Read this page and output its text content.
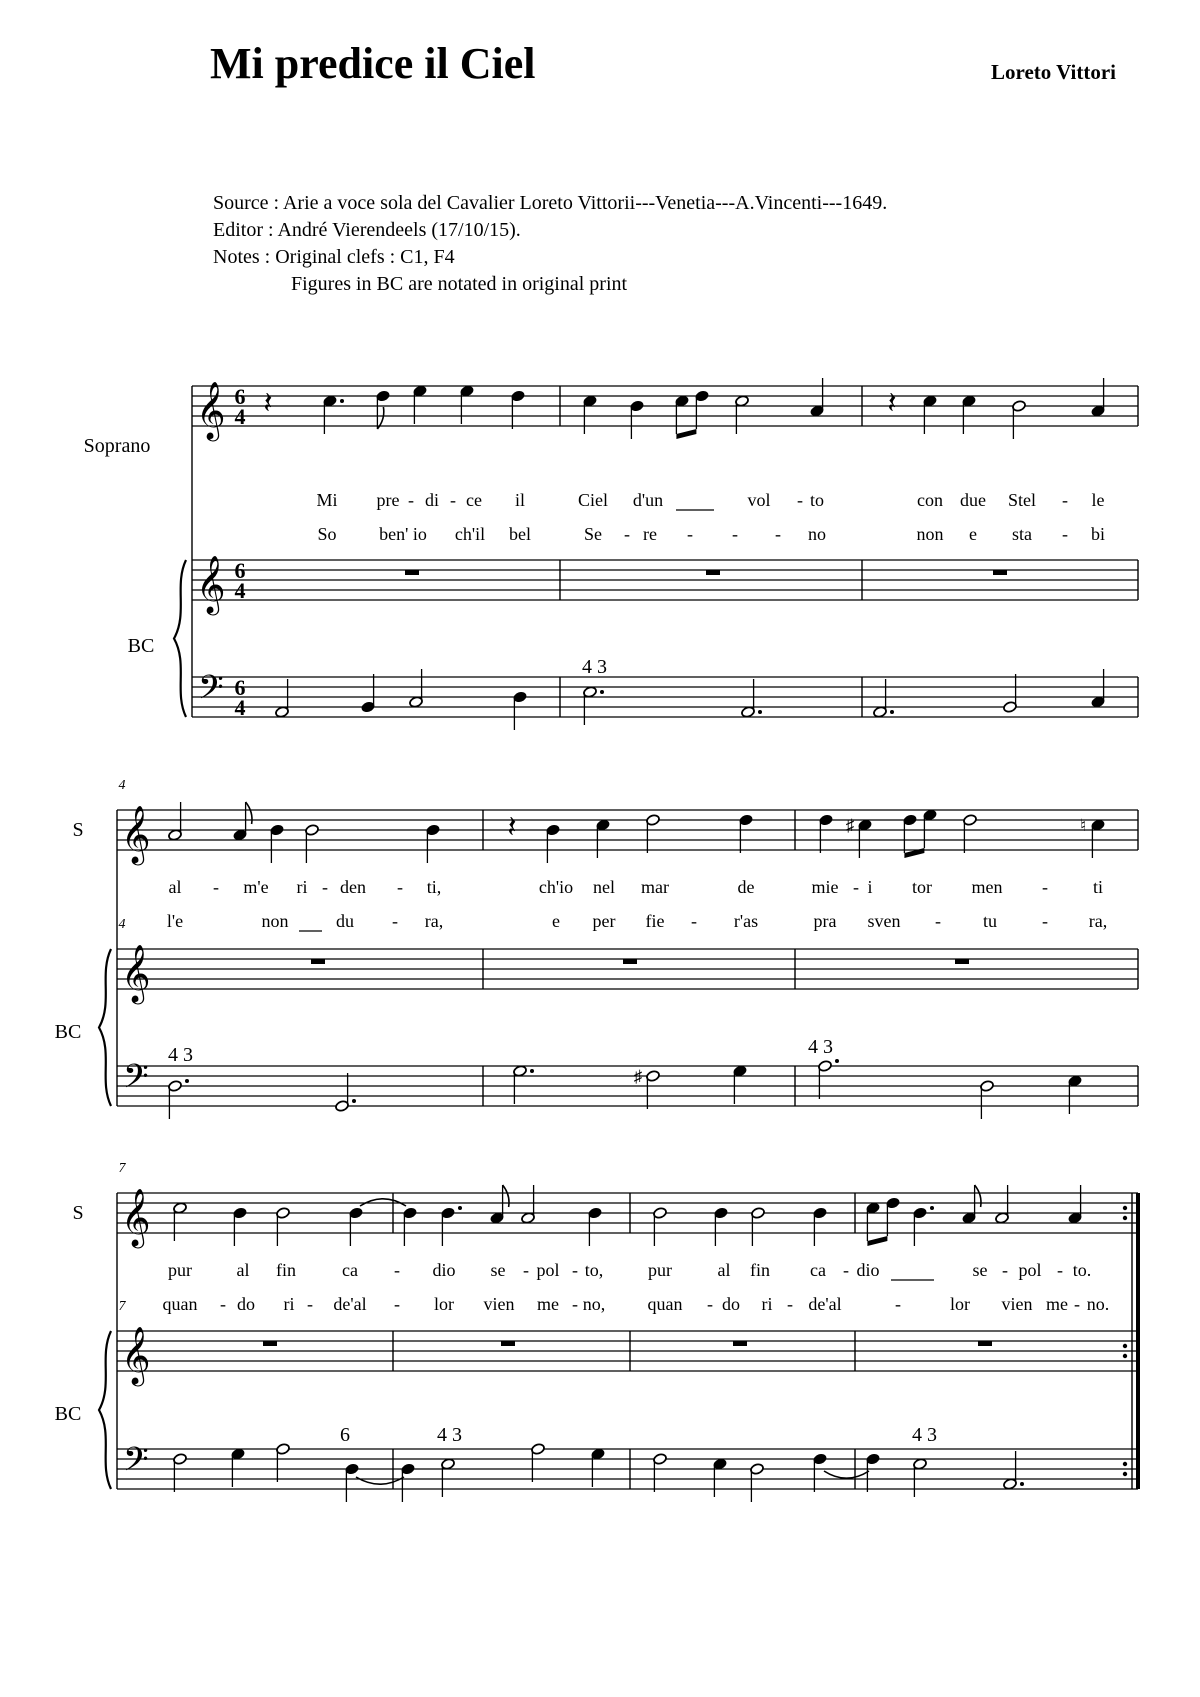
Mi predice il Ciel	Loreto Vittori
Source : Arie a voce sola del Cavalier Loreto Vittorii---Venetia---A.Vincenti---1649.
Editor : André Vierendeels (17/10/15).
Notes : Original clefs : C1, F4
Figures in BC are notated in original print
Soprano
BC
𝄞 6
4
𝄞 6
4
𝄢 6
4
𝄽	𝄽
Mi pre - di - ce il	Ciel d'un	vol - to	con due Stel - le
So ben' io ch'il bel	Se - re - - - no	non e sta - bi
4 3
S
BC
4
4
𝄞
𝄞
𝄢
𝄽	♯	♮
al - m'e ri - den - ti,	ch'io nel mar	de	mie - i tor men - ti
l'e	non	du - ra,	e per fie - r'as	pra sven - tu - ra,
4 3
♯
4 3
S
BC
7
7
𝄞
𝄞
𝄢
pur al fin	ca - dio se - pol - to, pur	al fin ca - dio	se - pol - to.
quan - do ri - de'al - lor vien me - no, quan - do ri - de'al	-	lor vien me - no.
6	4 3	4 3
